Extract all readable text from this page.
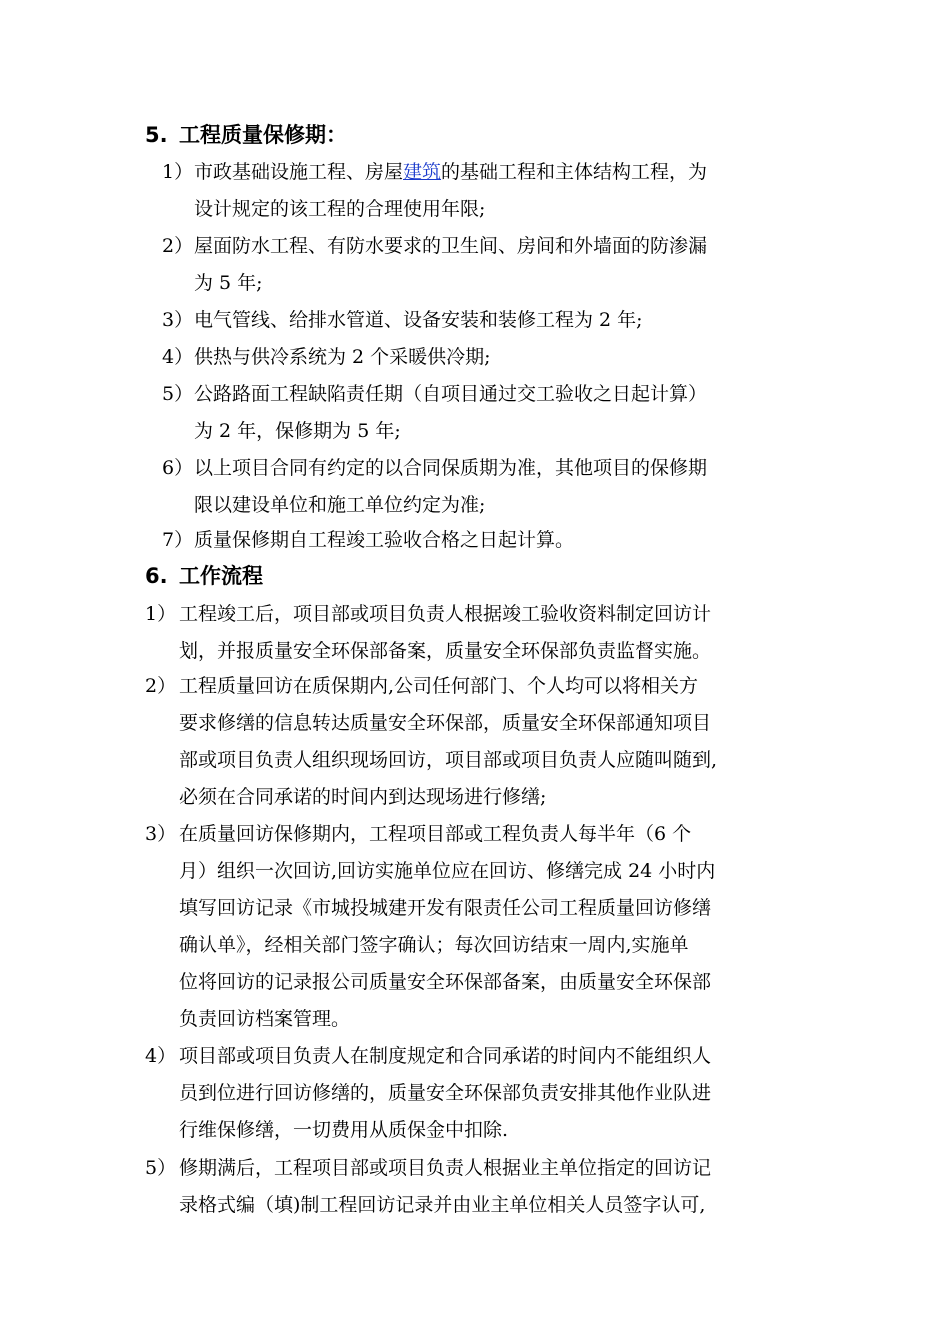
5. 工程质量保修期：
1） 市政基础设施工程、房屋建筑的基础工程和主体结构工程，为
设计规定的该工程的合理使用年限;
2） 屋面防水工程、有防水要求的卫生间、房间和外墙面的防渗漏
为 5 年;
3） 电气管线、给排水管道、设备安装和装修工程为 2 年;
4） 供热与供冷系统为 2 个采暖供冷期;
5） 公路路面工程缺陷责任期（自项目通过交工验收之日起计算）
为 2 年，保修期为 5 年;
6） 以上项目合同有约定的以合同保质期为准，其他项目的保修期
限以建设单位和施工单位约定为准;
7） 质量保修期自工程竣工验收合格之日起计算。
6. 工作流程
1） 工程竣工后，项目部或项目负责人根据竣工验收资料制定回访计
划，并报质量安全环保部备案，质量安全环保部负责监督实施。
2） 工程质量回访在质保期内,公司任何部门、个人均可以将相关方
要求修缮的信息转达质量安全环保部，质量安全环保部通知项目
部或项目负责人组织现场回访，项目部或项目负责人应随叫随到,
必须在合同承诺的时间内到达现场进行修缮;
3） 在质量回访保修期内，工程项目部或工程负责人每半年（6 个
月）组织一次回访,回访实施单位应在回访、修缮完成 24 小时内
填写回访记录《市城投城建开发有限责任公司工程质量回访修缮
确认单》，经相关部门签字确认；每次回访结束一周内,实施单
位将回访的记录报公司质量安全环保部备案，由质量安全环保部
负责回访档案管理。
4） 项目部或项目负责人在制度规定和合同承诺的时间内不能组织人
员到位进行回访修缮的，质量安全环保部负责安排其他作业队进
行维保修缮，一切费用从质保金中扣除.
5） 修期满后，工程项目部或项目负责人根据业主单位指定的回访记
录格式编（填)制工程回访记录并由业主单位相关人员签字认可,
